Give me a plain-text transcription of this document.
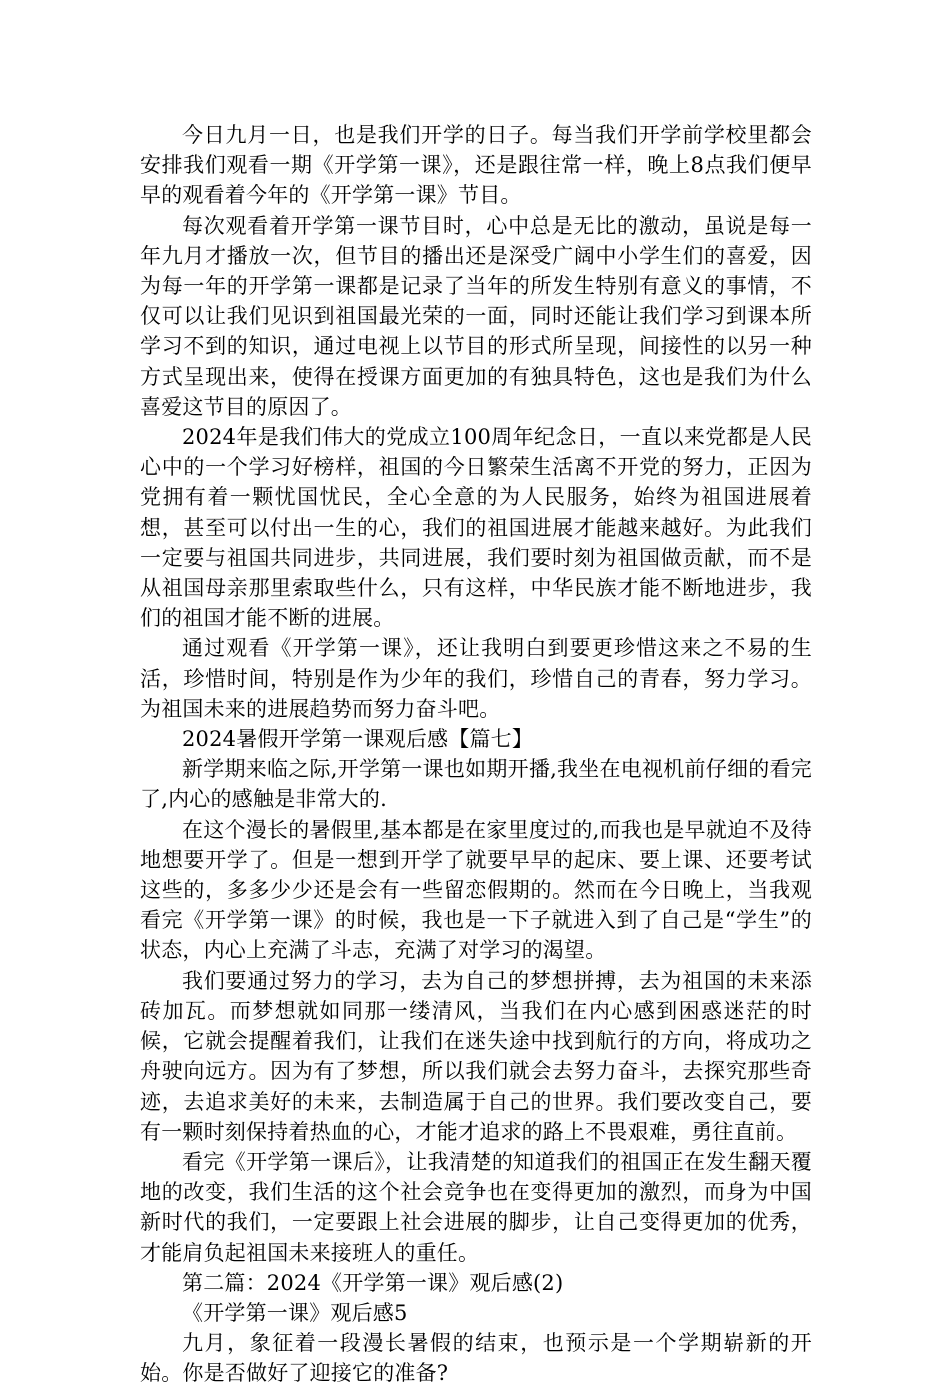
今日九月一日，也是我们开学的日子。每当我们开学前学校里都会安排我们观看一期《开学第一课》，还是跟往常一样，晚上8点我们便早早的观看着今年的《开学第一课》节目。

每次观看着开学第一课节目时，心中总是无比的激动，虽说是每一年九月才播放一次，但节目的播出还是深受广阔中小学生们的喜爱，因为每一年的开学第一课都是记录了当年的所发生特别有意义的事情，不仅可以让我们见识到祖国最光荣的一面，同时还能让我们学习到课本所学习不到的知识，通过电视上以节目的形式所呈现，间接性的以另一种方式呈现出来，使得在授课方面更加的有独具特色，这也是我们为什么喜爱这节目的原因了。

2024年是我们伟大的党成立100周年纪念日，一直以来党都是人民心中的一个学习好榜样，祖国的今日繁荣生活离不开党的努力，正因为党拥有着一颗忧国忧民，全心全意的为人民服务，始终为祖国进展着想，甚至可以付出一生的心，我们的祖国进展才能越来越好。为此我们一定要与祖国共同进步，共同进展，我们要时刻为祖国做贡献，而不是从祖国母亲那里索取些什么，只有这样，中华民族才能不断地进步，我们的祖国才能不断的进展。

通过观看《开学第一课》，还让我明白到要更珍惜这来之不易的生活，珍惜时间，特别是作为少年的我们，珍惜自己的青春，努力学习。为祖国未来的进展趋势而努力奋斗吧。

2024暑假开学第一课观后感【篇七】

新学期来临之际,开学第一课也如期开播,我坐在电视机前仔细的看完了,内心的感触是非常大的.

在这个漫长的暑假里,基本都是在家里度过的,而我也是早就迫不及待地想要开学了。但是一想到开学了就要早早的起床、要上课、还要考试这些的，多多少少还是会有一些留恋假期的。然而在今日晚上，当我观看完《开学第一课》的时候，我也是一下子就进入到了自己是“学生”的状态，内心上充满了斗志，充满了对学习的渴望。

我们要通过努力的学习，去为自己的梦想拼搏，去为祖国的未来添砖加瓦。而梦想就如同那一缕清风，当我们在内心感到困惑迷茫的时候，它就会提醒着我们，让我们在迷失途中找到航行的方向，将成功之舟驶向远方。因为有了梦想，所以我们就会去努力奋斗，去探究那些奇迹，去追求美好的未来，去制造属于自己的世界。我们要改变自己，要有一颗时刻保持着热血的心，才能才追求的路上不畏艰难，勇往直前。

看完《开学第一课后》，让我清楚的知道我们的祖国正在发生翻天覆地的改变，我们生活的这个社会竞争也在变得更加的激烈，而身为中国新时代的我们，一定要跟上社会进展的脚步，让自己变得更加的优秀，才能肩负起祖国未来接班人的重任。

第二篇：2024《开学第一课》观后感(2)

《开学第一课》观后感5

九月，象征着一段漫长暑假的结束，也预示是一个学期崭新的开始。你是否做好了迎接它的准备?
